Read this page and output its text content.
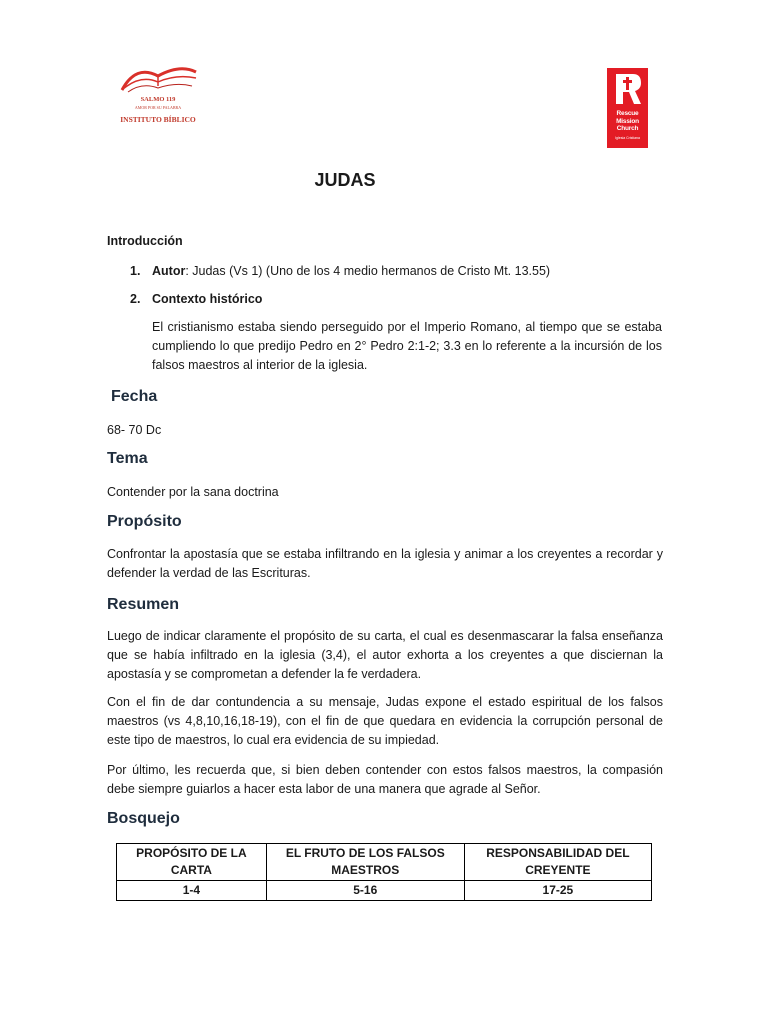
SALMO 119
AMOR POR SU PALABRA
INSTITUTO BÍBLICO
Rescue Mission Church
Iglesia Cristiana
JUDAS
Introducción
1. Autor: Judas (Vs 1) (Uno de los 4 medio hermanos de Cristo Mt. 13.55)
2. Contexto histórico
El cristianismo estaba siendo perseguido por el Imperio Romano, al tiempo que se estaba cumpliendo lo que predijo Pedro en 2° Pedro 2:1-2; 3.3 en lo referente a la incursión de los falsos maestros al interior de la iglesia.
Fecha
68- 70 Dc
Tema
Contender por la sana doctrina
Propósito
Confrontar la apostasía que se estaba infiltrando en la iglesia y animar a los creyentes a recordar y defender la verdad de las Escrituras.
Resumen
Luego de indicar claramente el propósito de su carta, el cual es desenmascarar la falsa enseñanza que se había infiltrado en la iglesia (3,4), el autor exhorta a los creyentes a que disciernan la apostasía y se comprometan a defender la fe verdadera.
Con el fin de dar contundencia a su mensaje, Judas expone el estado espiritual de los falsos maestros (vs 4,8,10,16,18-19), con el fin de que quedara en evidencia la corrupción personal de este tipo de maestros, lo cual era evidencia de su impiedad.
Por último, les recuerda que, si bien deben contender con estos falsos maestros, la compasión debe siempre guiarlos a hacer esta labor de una manera que agrade al Señor.
Bosquejo
PROPÓSITO DE LA CARTA	EL FRUTO DE LOS FALSOS MAESTROS	RESPONSABILIDAD DEL CREYENTE
1-4	5-16	17-25
